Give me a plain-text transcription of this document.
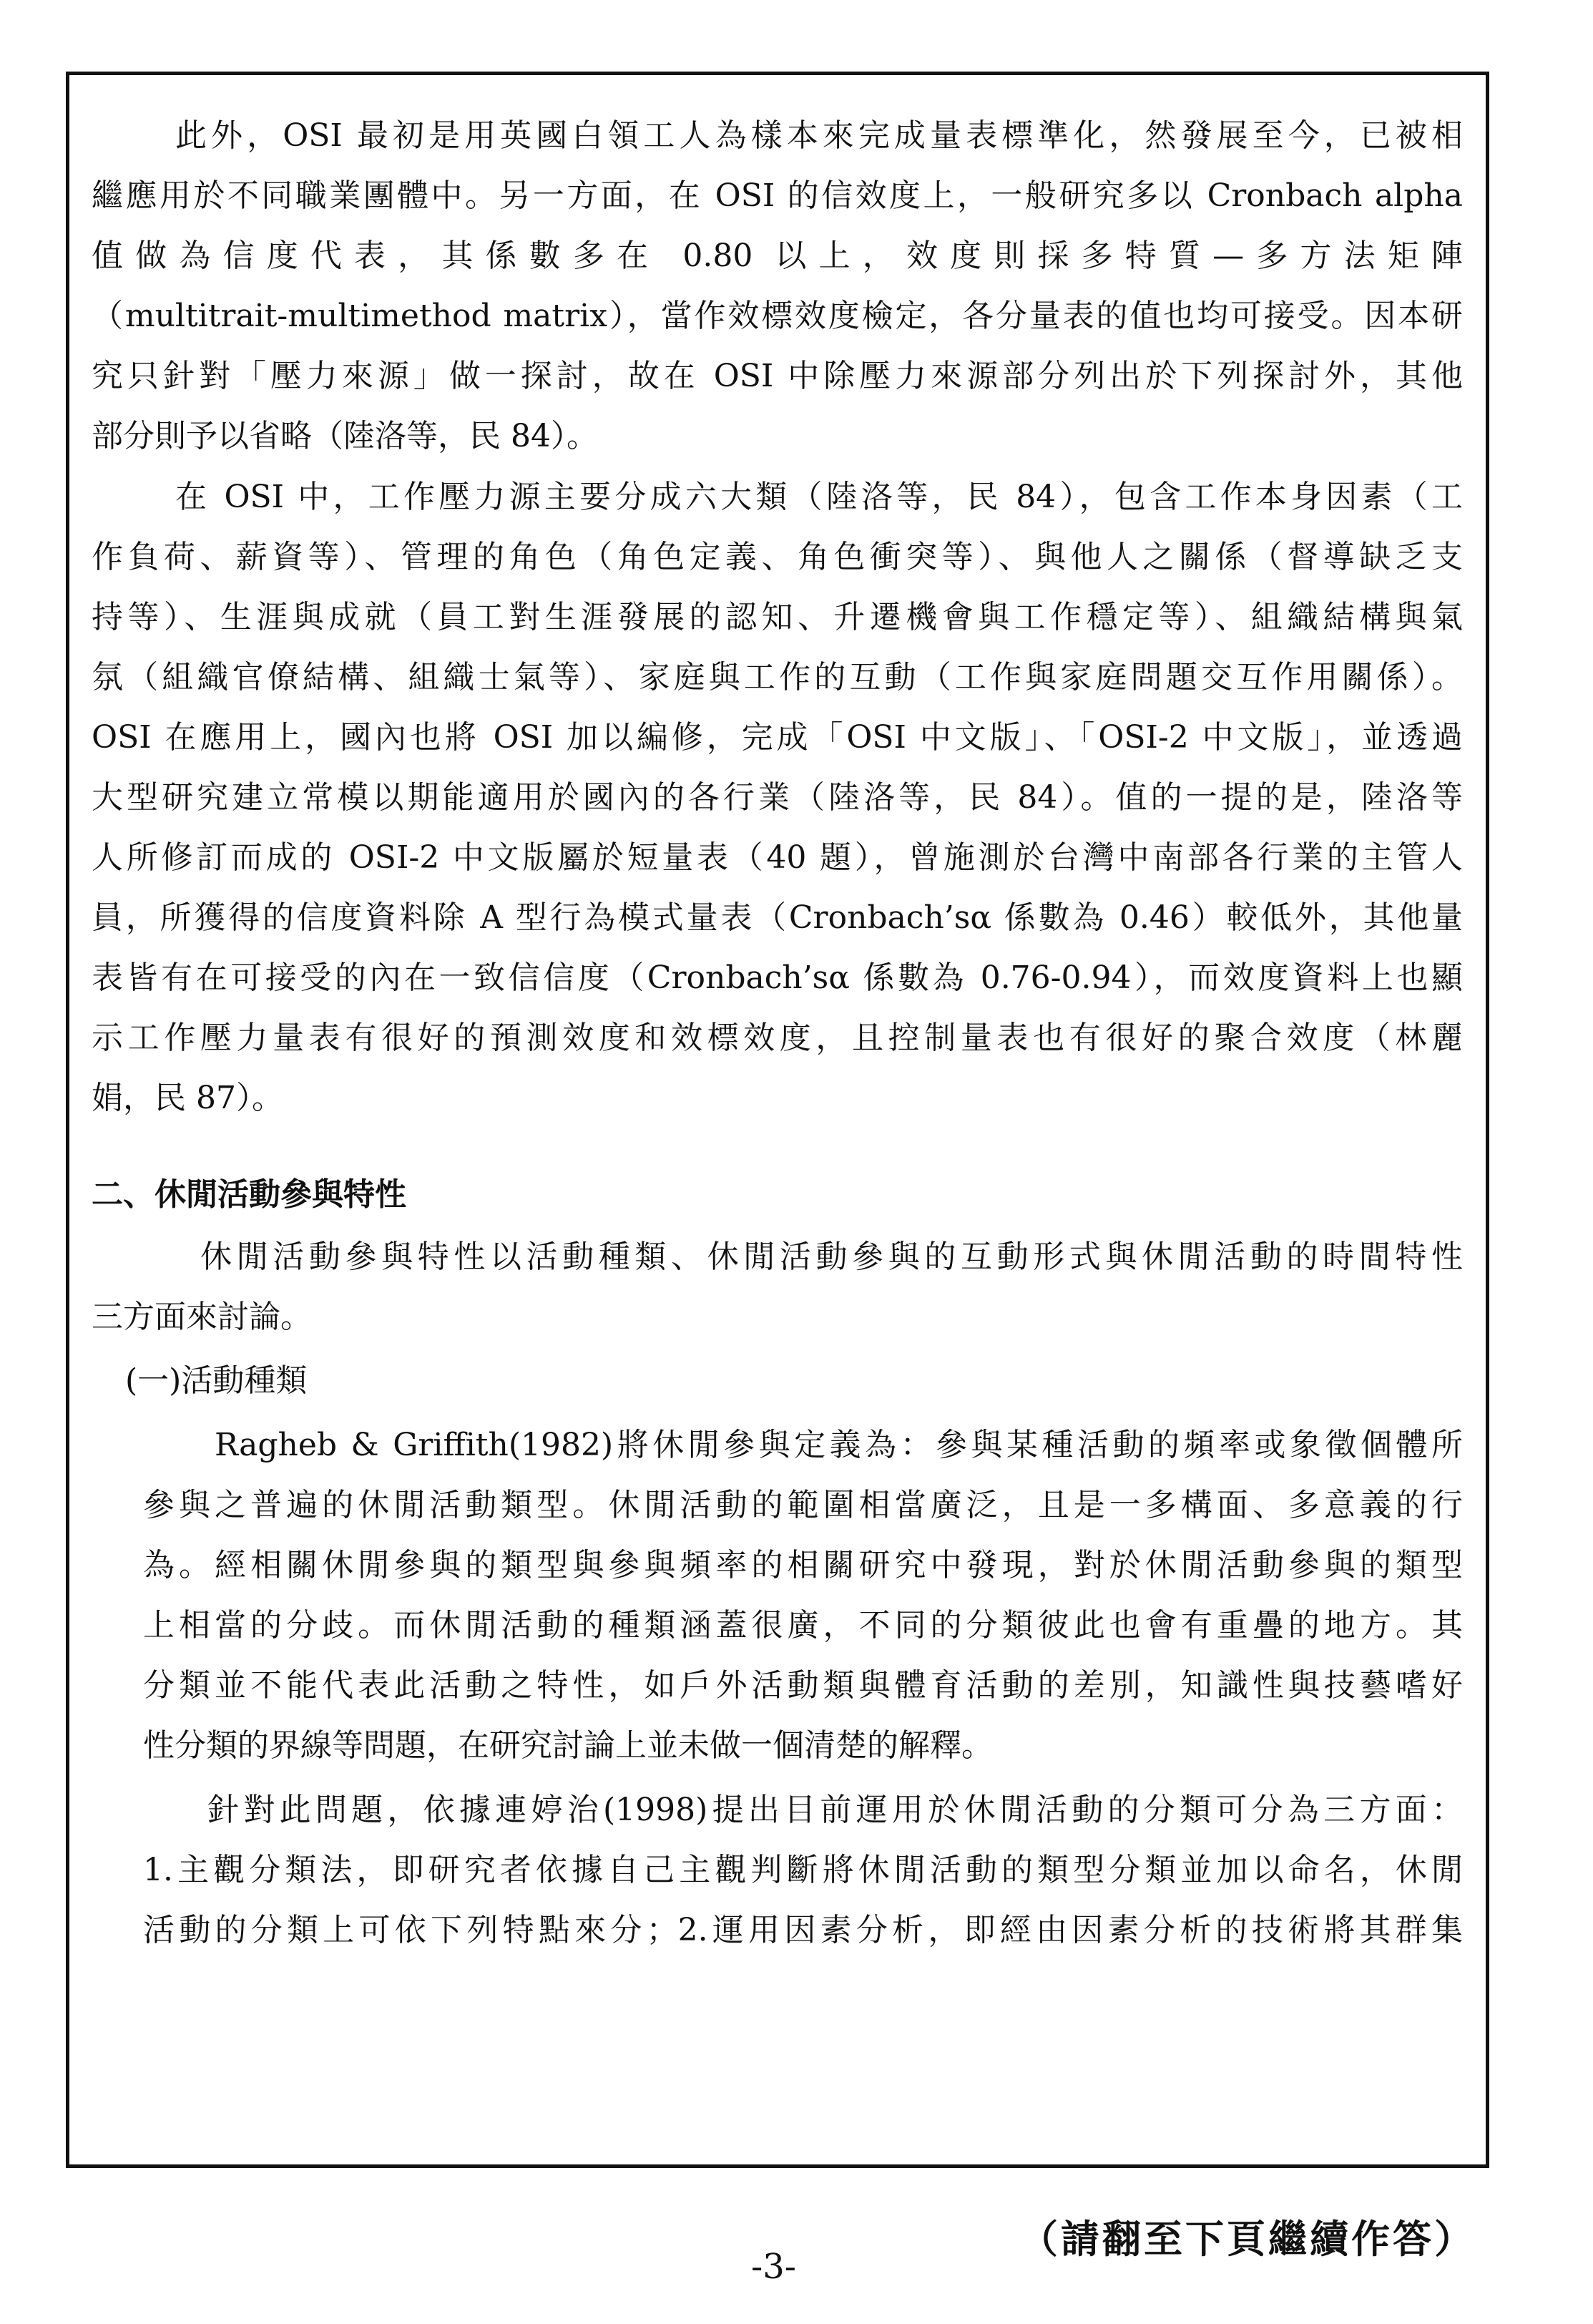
此外，OSI 最初是用英國白領工人為樣本來完成量表標準化，然發展至今，已被相
繼應用於不同職業團體中。另一方面，在 OSI 的信效度上，一般研究多以 Cronbach alpha
值做為信度代表，其係數多在 0.80 以上，效度則採多特質—多方法矩陣
（multitrait-multimethod matrix），當作效標效度檢定，各分量表的值也均可接受。因本研
究只針對「壓力來源」做一探討，故在 OSI 中除壓力來源部分列出於下列探討外，其他
部分則予以省略（陸洛等，民 84）。
在 OSI 中，工作壓力源主要分成六大類（陸洛等，民 84），包含工作本身因素（工
作負荷、薪資等）、管理的角色（角色定義、角色衝突等）、與他人之關係（督導缺乏支
持等）、生涯與成就（員工對生涯發展的認知、升遷機會與工作穩定等）、組織結構與氣
氛（組織官僚結構、組織士氣等）、家庭與工作的互動（工作與家庭問題交互作用關係）。
OSI 在應用上，國內也將 OSI 加以編修，完成「OSI 中文版」、「OSI-2 中文版」，並透過
大型研究建立常模以期能適用於國內的各行業（陸洛等，民 84）。值的一提的是，陸洛等
人所修訂而成的 OSI-2 中文版屬於短量表（40 題），曾施測於台灣中南部各行業的主管人
員，所獲得的信度資料除 A 型行為模式量表（Cronbach’sα 係數為 0.46）較低外，其他量
表皆有在可接受的內在一致信信度（Cronbach’sα 係數為 0.76-0.94），而效度資料上也顯
示工作壓力量表有很好的預測效度和效標效度，且控制量表也有很好的聚合效度（林麗
娟，民 87）。
二、休閒活動參與特性
休閒活動參與特性以活動種類、休閒活動參與的互動形式與休閒活動的時間特性
三方面來討論。
(一)活動種類
Ragheb & Griffith(1982)將休閒參與定義為：參與某種活動的頻率或象徵個體所
參與之普遍的休閒活動類型。休閒活動的範圍相當廣泛，且是一多構面、多意義的行
為。經相關休閒參與的類型與參與頻率的相關研究中發現，對於休閒活動參與的類型
上相當的分歧。而休閒活動的種類涵蓋很廣，不同的分類彼此也會有重疊的地方。其
分類並不能代表此活動之特性，如戶外活動類與體育活動的差別，知識性與技藝嗜好
性分類的界線等問題，在研究討論上並未做一個清楚的解釋。
針對此問題，依據連婷治(1998)提出目前運用於休閒活動的分類可分為三方面：
1.主觀分類法，即研究者依據自己主觀判斷將休閒活動的類型分類並加以命名，休閒
活動的分類上可依下列特點來分；2.運用因素分析，即經由因素分析的技術將其群集
-3-
（請翻至下頁繼續作答）
